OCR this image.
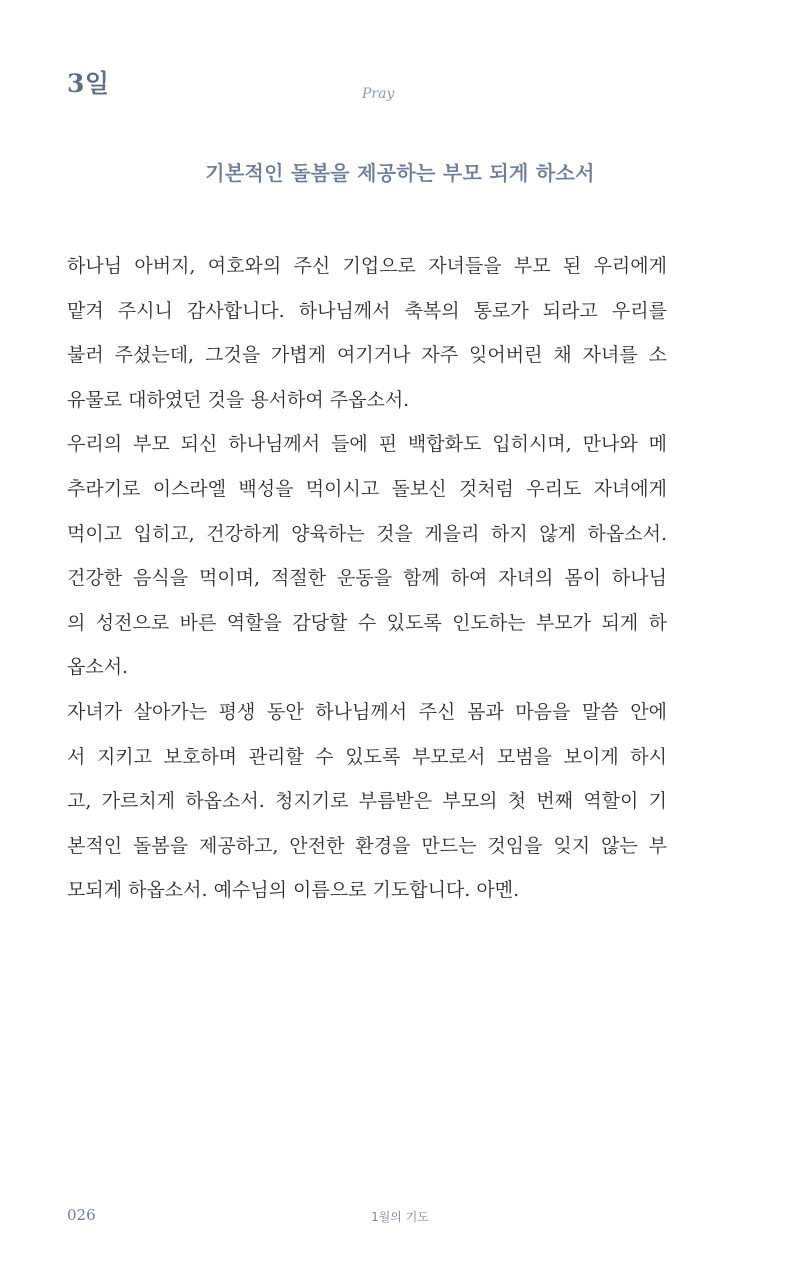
3일	Pray
기본적인 돌봄을 제공하는 부모 되게 하소서
하나님 아버지, 여호와의 주신 기업으로 자녀들을 부모 된 우리에게
맡겨 주시니 감사합니다. 하나님께서 축복의 통로가 되라고 우리를
불러 주셨는데, 그것을 가볍게 여기거나 자주 잊어버린 채 자녀를 소
유물로 대하였던 것을 용서하여 주옵소서.
우리의 부모 되신 하나님께서 들에 핀 백합화도 입히시며, 만나와 메
추라기로 이스라엘 백성을 먹이시고 돌보신 것처럼 우리도 자녀에게
먹이고 입히고, 건강하게 양육하는 것을 게을리 하지 않게 하옵소서.
건강한 음식을 먹이며, 적절한 운동을 함께 하여 자녀의 몸이 하나님
의 성전으로 바른 역할을 감당할 수 있도록 인도하는 부모가 되게 하
옵소서.
자녀가 살아가는 평생 동안 하나님께서 주신 몸과 마음을 말씀 안에
서 지키고 보호하며 관리할 수 있도록 부모로서 모범을 보이게 하시
고, 가르치게 하옵소서. 청지기로 부름받은 부모의 첫 번째 역할이 기
본적인 돌봄을 제공하고, 안전한 환경을 만드는 것임을 잊지 않는 부
모되게 하옵소서. 예수님의 이름으로 기도합니다. 아멘.
026	1월의 기도
